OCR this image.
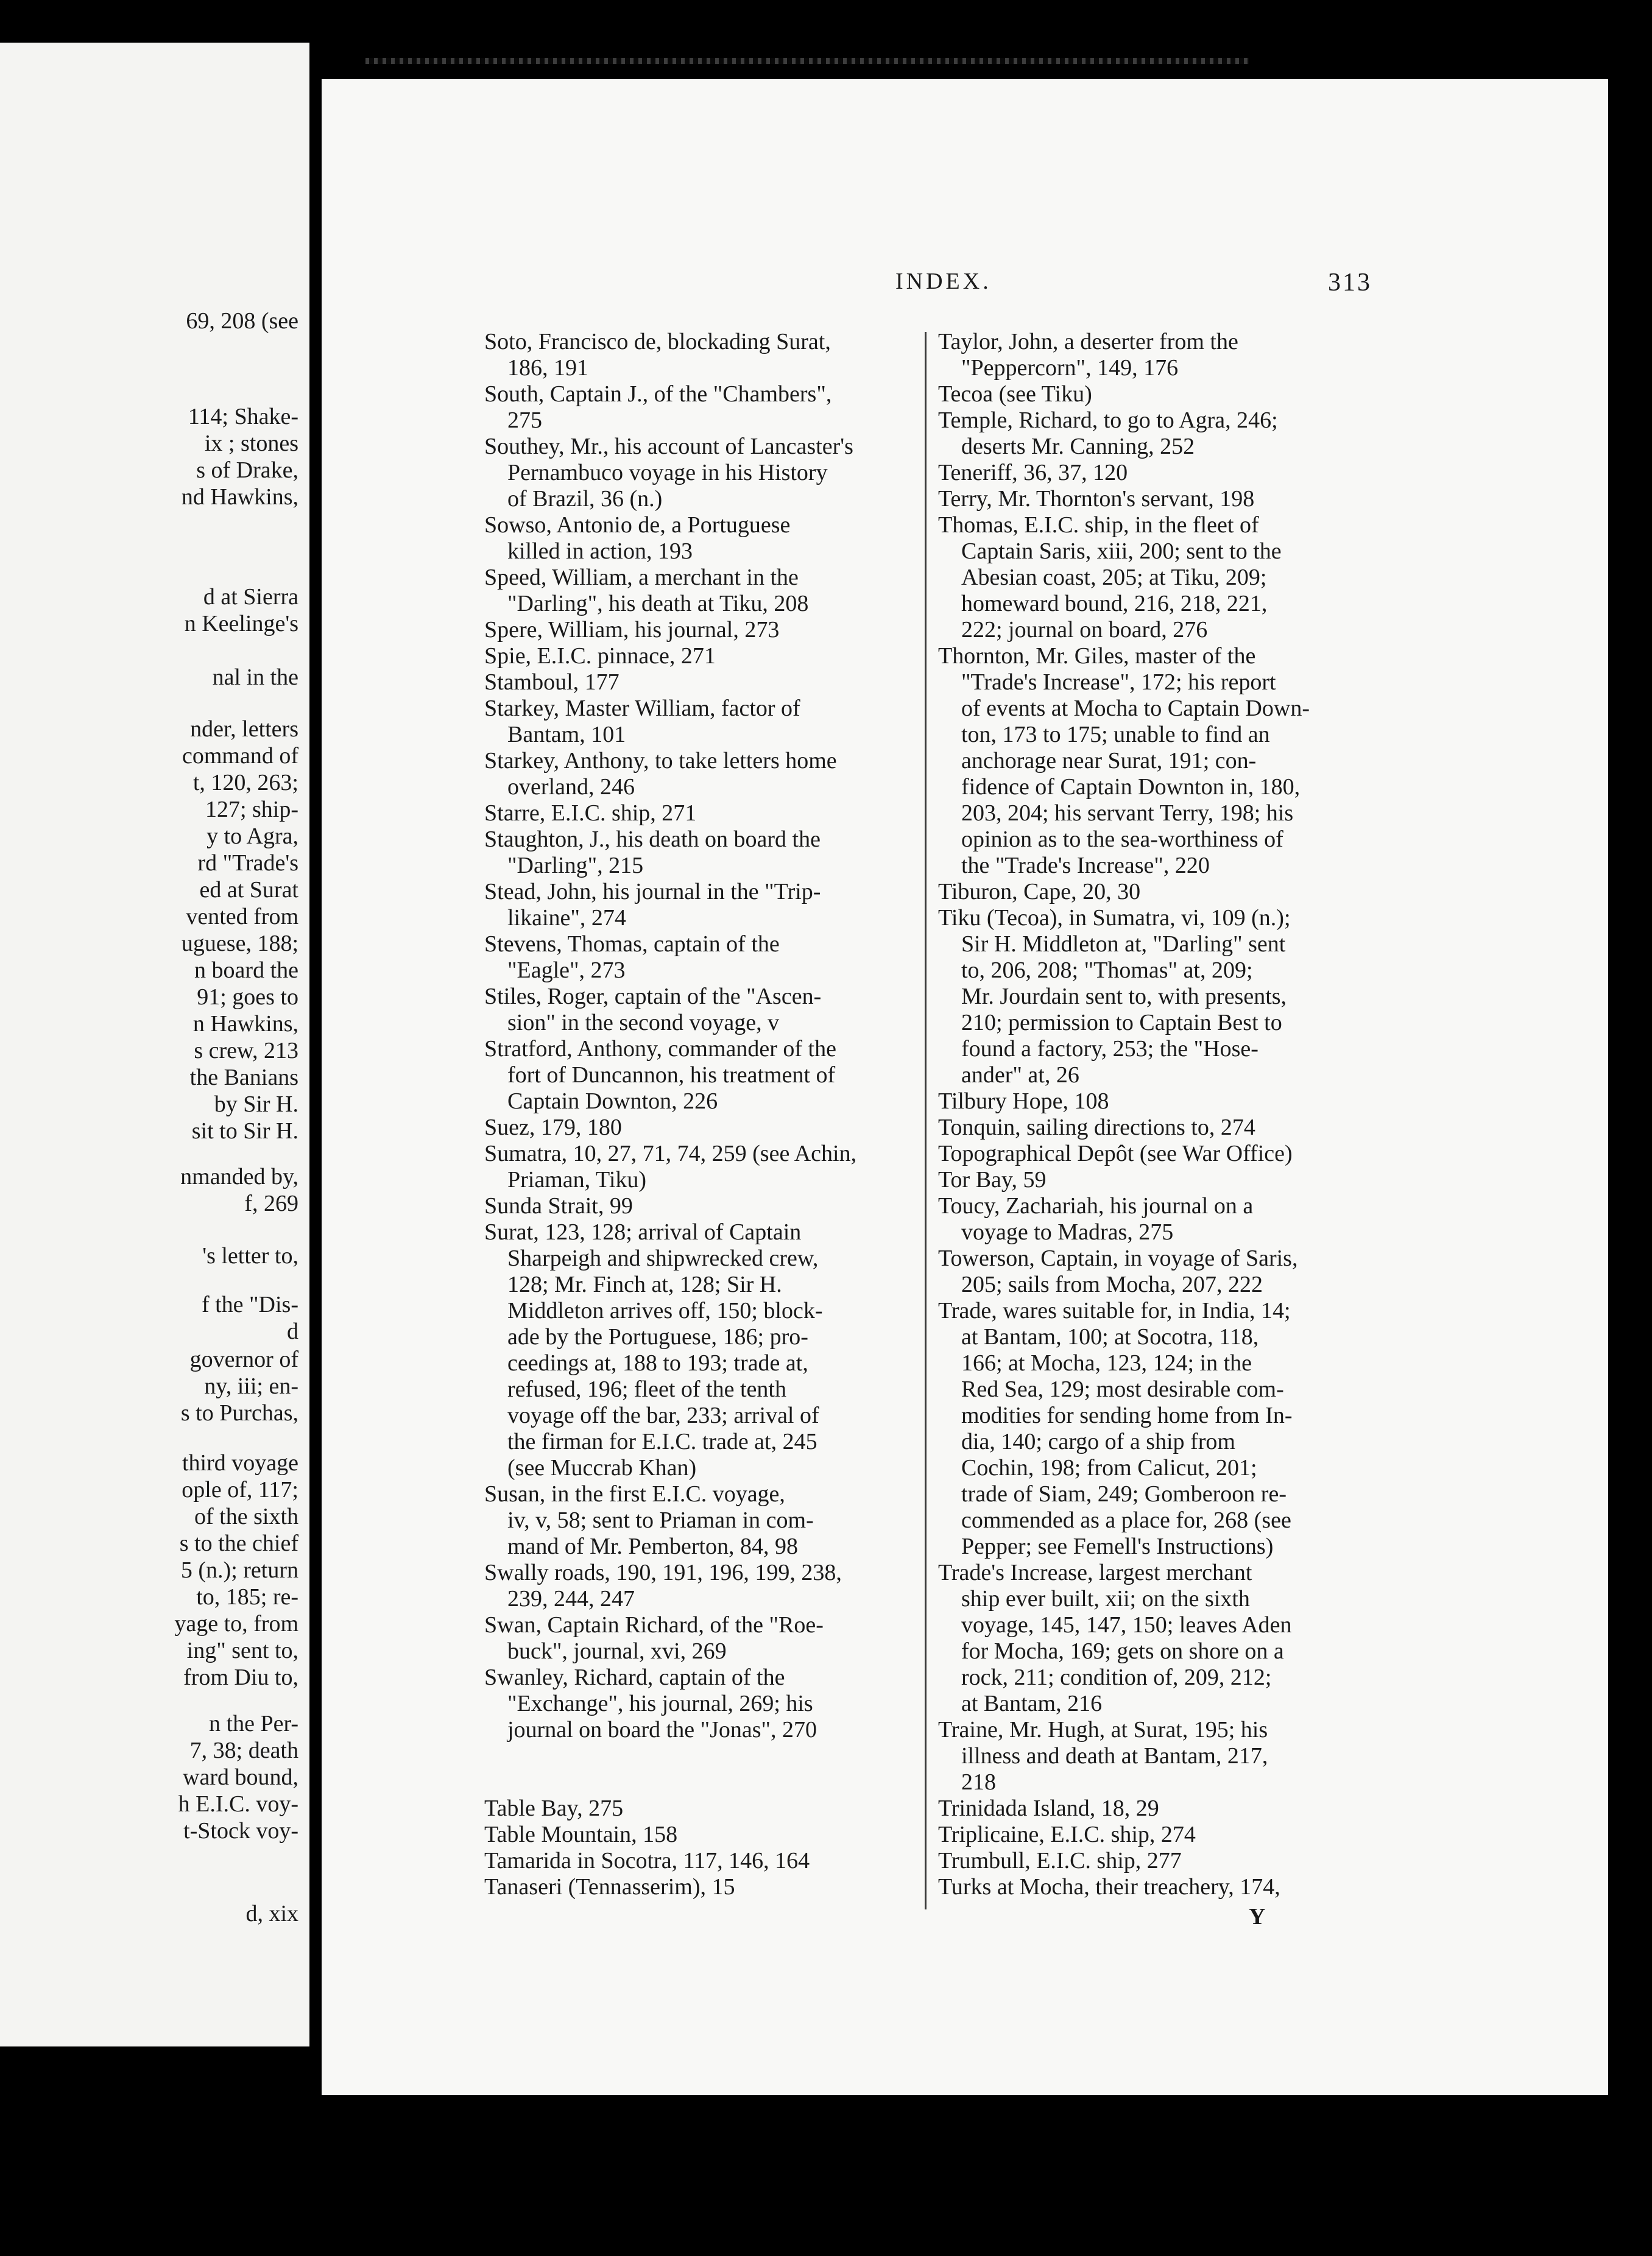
69, 208 (see
114; Shake-
ix ; stones
s of Drake,
nd Hawkins,
d at Sierra
n Keelinge's
nal in the
nder, letters
command of
t, 120, 263;
127; ship-
y to Agra,
rd "Trade's
ed at Surat
vented from
uguese, 188;
n board the
91; goes to
n Hawkins,
s crew, 213
the Banians
by Sir H.
sit to Sir H.
nmanded by,
f, 269
's letter to,
f the "Dis-
d
governor of
ny, iii; en-
s to Purchas,
third voyage
ople of, 117;
of the sixth
s to the chief
5 (n.); return
to, 185; re-
yage to, from
ing" sent to,
from Diu to,
n the Per-
7, 38; death
ward bound,
h E.I.C. voy-
t-Stock voy-
d, xix
INDEX.	313
Soto, Francisco de, blockading Surat,
186, 191
South, Captain J., of the "Chambers",
275
Southey, Mr., his account of Lancaster's
Pernambuco voyage in his History
of Brazil, 36 (n.)
Sowso, Antonio de, a Portuguese
killed in action, 193
Speed, William, a merchant in the
"Darling", his death at Tiku, 208
Spere, William, his journal, 273
Spie, E.I.C. pinnace, 271
Stamboul, 177
Starkey, Master William, factor of
Bantam, 101
Starkey, Anthony, to take letters home
overland, 246
Starre, E.I.C. ship, 271
Staughton, J., his death on board the
"Darling", 215
Stead, John, his journal in the "Trip-
likaine", 274
Stevens, Thomas, captain of the
"Eagle", 273
Stiles, Roger, captain of the "Ascen-
sion" in the second voyage, v
Stratford, Anthony, commander of the
fort of Duncannon, his treatment of
Captain Downton, 226
Suez, 179, 180
Sumatra, 10, 27, 71, 74, 259 (see Achin,
Priaman, Tiku)
Sunda Strait, 99
Surat, 123, 128; arrival of Captain
Sharpeigh and shipwrecked crew,
128; Mr. Finch at, 128; Sir H.
Middleton arrives off, 150; block-
ade by the Portuguese, 186; pro-
ceedings at, 188 to 193; trade at,
refused, 196; fleet of the tenth
voyage off the bar, 233; arrival of
the firman for E.I.C. trade at, 245
(see Muccrab Khan)
Susan, in the first E.I.C. voyage,
iv, v, 58; sent to Priaman in com-
mand of Mr. Pemberton, 84, 98
Swally roads, 190, 191, 196, 199, 238,
239, 244, 247
Swan, Captain Richard, of the "Roe-
buck", journal, xvi, 269
Swanley, Richard, captain of the
"Exchange", his journal, 269; his
journal on board the "Jonas", 270
Table Bay, 275
Table Mountain, 158
Tamarida in Socotra, 117, 146, 164
Tanaseri (Tennasserim), 15
Taylor, John, a deserter from the
"Peppercorn", 149, 176
Tecoa (see Tiku)
Temple, Richard, to go to Agra, 246;
deserts Mr. Canning, 252
Teneriff, 36, 37, 120
Terry, Mr. Thornton's servant, 198
Thomas, E.I.C. ship, in the fleet of
Captain Saris, xiii, 200; sent to the
Abesian coast, 205; at Tiku, 209;
homeward bound, 216, 218, 221,
222; journal on board, 276
Thornton, Mr. Giles, master of the
"Trade's Increase", 172; his report
of events at Mocha to Captain Down-
ton, 173 to 175; unable to find an
anchorage near Surat, 191; con-
fidence of Captain Downton in, 180,
203, 204; his servant Terry, 198; his
opinion as to the sea-worthiness of
the "Trade's Increase", 220
Tiburon, Cape, 20, 30
Tiku (Tecoa), in Sumatra, vi, 109 (n.);
Sir H. Middleton at, "Darling" sent
to, 206, 208; "Thomas" at, 209;
Mr. Jourdain sent to, with presents,
210; permission to Captain Best to
found a factory, 253; the "Hose-
ander" at, 26
Tilbury Hope, 108
Tonquin, sailing directions to, 274
Topographical Depôt (see War Office)
Tor Bay, 59
Toucy, Zachariah, his journal on a
voyage to Madras, 275
Towerson, Captain, in voyage of Saris,
205; sails from Mocha, 207, 222
Trade, wares suitable for, in India, 14;
at Bantam, 100; at Socotra, 118,
166; at Mocha, 123, 124; in the
Red Sea, 129; most desirable com-
modities for sending home from In-
dia, 140; cargo of a ship from
Cochin, 198; from Calicut, 201;
trade of Siam, 249; Gomberoon re-
commended as a place for, 268 (see
Pepper; see Femell's Instructions)
Trade's Increase, largest merchant
ship ever built, xii; on the sixth
voyage, 145, 147, 150; leaves Aden
for Mocha, 169; gets on shore on a
rock, 211; condition of, 209, 212;
at Bantam, 216
Traine, Mr. Hugh, at Surat, 195; his
illness and death at Bantam, 217,
218
Trinidada Island, 18, 29
Triplicaine, E.I.C. ship, 274
Trumbull, E.I.C. ship, 277
Turks at Mocha, their treachery, 174,
Y
